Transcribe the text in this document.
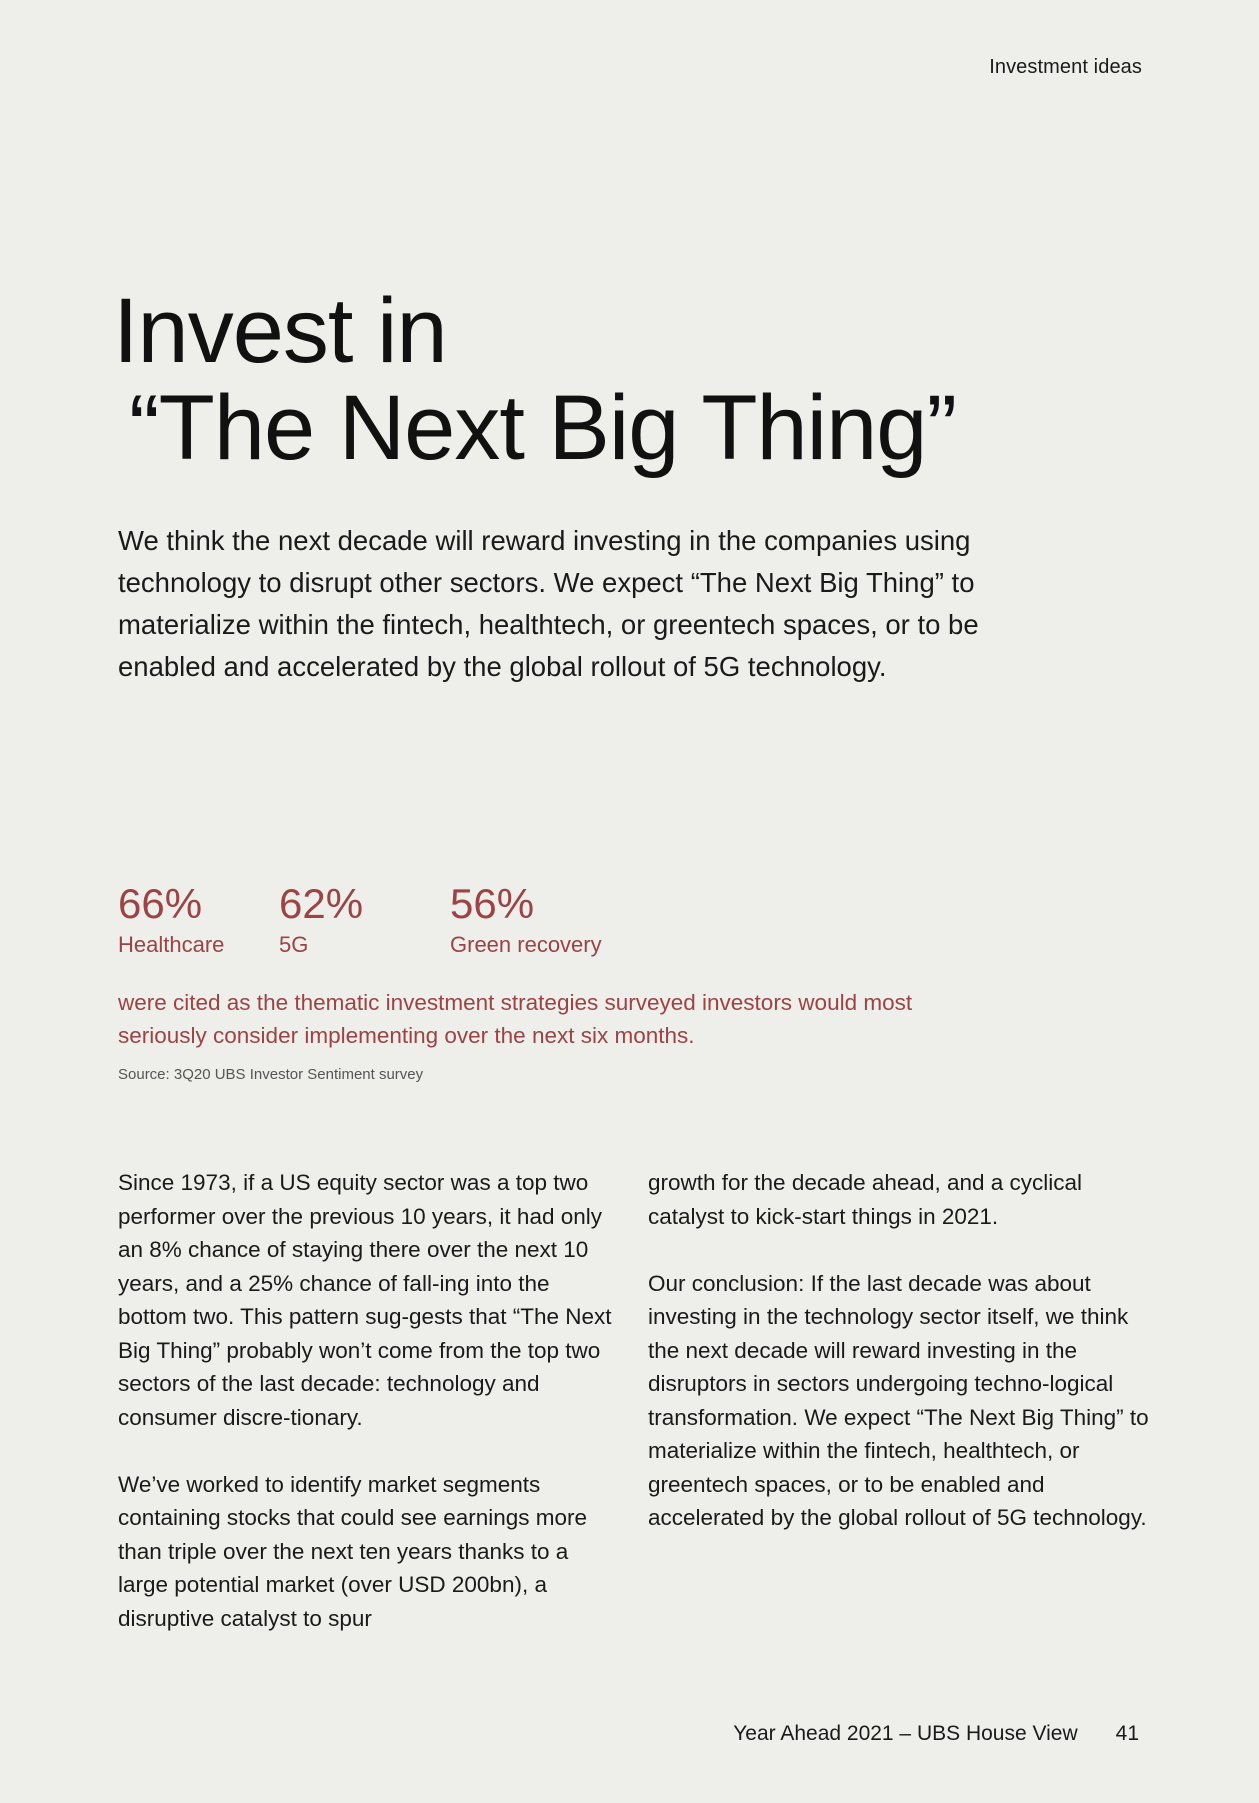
Investment ideas
Invest in
“The Next Big Thing”

We think the next decade will reward investing in the companies using technology to disrupt other sectors. We expect “The Next Big Thing” to materialize within the fintech, healthtech, or greentech spaces, or to be enabled and accelerated by the global rollout of 5G technology.

66%
Healthcare
62%
5G
56%
Green recovery

were cited as the thematic investment strategies surveyed investors would most seriously consider implementing over the next six months.

Source: 3Q20 UBS Investor Sentiment survey

Since 1973, if a US equity sector was a top two performer over the previous 10 years, it had only an 8% chance of staying there over the next 10 years, and a 25% chance of fall-ing into the bottom two. This pattern sug-gests that “The Next Big Thing” probably won’t come from the top two sectors of the last decade: technology and consumer discre-tionary.

We’ve worked to identify market segments containing stocks that could see earnings more than triple over the next ten years thanks to a large potential market (over USD 200bn), a disruptive catalyst to spur

growth for the decade ahead, and a cyclical catalyst to kick-start things in 2021.

Our conclusion: If the last decade was about investing in the technology sector itself, we think the next decade will reward investing in the disruptors in sectors undergoing techno-logical transformation. We expect “The Next Big Thing” to materialize within the fintech, healthtech, or greentech spaces, or to be enabled and accelerated by the global rollout of 5G technology.

Year Ahead 2021 – UBS House View 41
